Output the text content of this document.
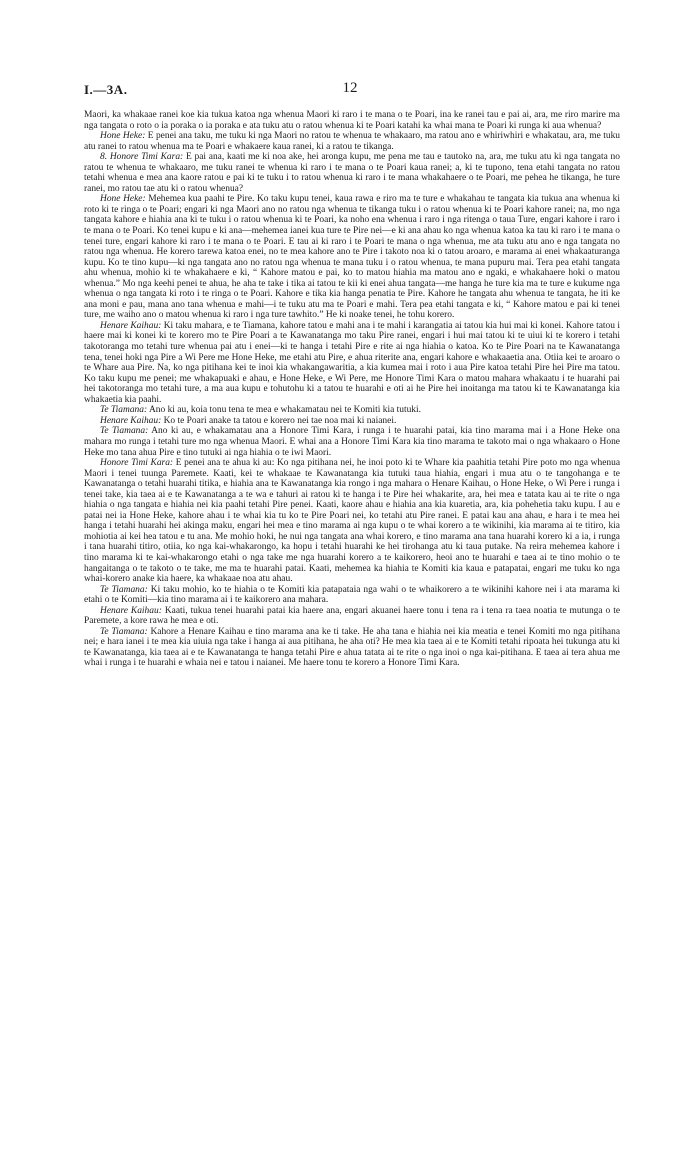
I.—3A.	12

Maori, ka whakaae ranei koe kia tukua katoa nga whenua Maori ki raro i te mana o te Poari, ina ke ranei tau e pai ai, ara, me riro marire ma nga tangata o roto o ia poraka o ia poraka e ata tuku atu o ratou whenua ki te Poari katahi ka whai mana te Poari ki runga ki aua whenua?

Hone Heke: E penei ana taku, me tuku ki nga Maori no ratou te whenua te whakaaro, ma ratou ano e whiriwhiri e whakatau, ara, me tuku atu ranei to ratou whenua ma te Poari e whakaere kaua ranei, ki a ratou te tikanga.

8. Honore Timi Kara: E pai ana, kaati me ki noa ake, hei aronga kupu, me pena me tau e tautoko na, ara, me tuku atu ki nga tangata no ratou te whenua te whakaaro, me tuku ranei te whenua ki raro i te mana o te Poari kaua ranei; a, ki te tupono, tena etahi tangata no ratou tetahi whenua e mea ana kaore ratou e pai ki te tuku i to ratou whenua ki raro i te mana whakahaere o te Poari, me pehea he tikanga, he ture ranei, mo ratou tae atu ki o ratou whenua?

Hone Heke: Mehemea kua paahi te Pire. Ko taku kupu tenei, kaua rawa e riro ma te ture e whakahau te tangata kia tukua ana whenua ki roto ki te ringa o te Poari; engari ki nga Maori ano no ratou nga whenua te tikanga tuku i o ratou whenua ki te Poari kahore ranei; na, mo nga tangata kahore e hiahia ana ki te tuku i o ratou whenua ki te Poari, ka noho ena whenua i raro i nga ritenga o taua Ture, engari kahore i raro i te mana o te Poari. Ko tenei kupu e ki ana—mehemea ianei kua ture te Pire nei—e ki ana ahau ko nga whenua katoa ka tau ki raro i te mana o tenei ture, engari kahore ki raro i te mana o te Poari. E tau ai ki raro i te Poari te mana o nga whenua, me ata tuku atu ano e nga tangata no ratou nga whenua. He korero tarewa katoa enei, no te mea kahore ano te Pire i takoto noa ki o tatou aroaro, e marama ai enei whakaaturanga kupu. Ko te tino kupu—ki nga tangata ano no ratou nga whenua te mana tuku i o ratou whenua, te mana pupuru mai. Tera pea etahi tangata ahu whenua, mohio ki te whakahaere e ki, “ Kahore matou e pai, ko to matou hiahia ma matou ano e ngaki, e whakahaere hoki o matou whenua.” Mo nga keehi penei te ahua, he aha te take i tika ai tatou te kii ki enei ahua tangata—me hanga he ture kia ma te ture e kukume nga whenua o nga tangata ki roto i te ringa o te Poari. Kahore e tika kia hanga penatia te Pire. Kahore he tangata ahu whenua te tangata, he iti ke ana moni e pau, mana ano tana whenua e mahi—i te tuku atu ma te Poari e mahi. Tera pea etahi tangata e ki, “ Kahore matou e pai ki tenei ture, me waiho ano o matou whenua ki raro i nga ture tawhito.” He ki noake tenei, he tohu korero.

Henare Kaihau: Ki taku mahara, e te Tiamana, kahore tatou e mahi ana i te mahi i karangatia ai tatou kia hui mai ki konei. Kahore tatou i haere mai ki konei ki te korero mo te Pire Poari a te Kawanatanga mo taku Pire ranei, engari i hui mai tatou ki te uiui ki te korero i tetahi takotoranga mo tetahi ture whenua pai atu i enei—ki te hanga i tetahi Pire e rite ai nga hiahia o katoa. Ko te Pire Poari na te Kawanatanga tena, tenei hoki nga Pire a Wi Pere me Hone Heke, me etahi atu Pire, e ahua riterite ana, engari kahore e whakaaetia ana. Otiia kei te aroaro o te Whare aua Pire. Na, ko nga pitihana kei te inoi kia whakangawaritia, a kia kumea mai i roto i aua Pire katoa tetahi Pire hei Pire ma tatou. Ko taku kupu me penei; me whakapuaki e ahau, e Hone Heke, e Wi Pere, me Honore Timi Kara o matou mahara whakaatu i te huarahi pai hei takotoranga mo tetahi ture, a ma aua kupu e tohutohu ki a tatou te huarahi e oti ai he Pire hei inoitanga ma tatou ki te Kawanatanga kia whakaetia kia paahi.

Te Tiamana: Ano ki au, koia tonu tena te mea e whakamatau nei te Komiti kia tutuki.

Henare Kaihau: Ko te Poari anake ta tatou e korero nei tae noa mai ki naianei.

Te Tiamana: Ano ki au, e whakamatau ana a Honore Timi Kara, i runga i te huarahi patai, kia tino marama mai i a Hone Heke ona mahara mo runga i tetahi ture mo nga whenua Maori. E whai ana a Honore Timi Kara kia tino marama te takoto mai o nga whakaaro o Hone Heke mo tana ahua Pire e tino tutuki ai nga hiahia o te iwi Maori.

Honore Timi Kara: E penei ana te ahua ki au: Ko nga pitihana nei, he inoi poto ki te Whare kia paahitia tetahi Pire poto mo nga whenua Maori i tenei tuunga Paremete. Kaati, kei te whakaae te Kawanatanga kia tutuki taua hiahia, engari i mua atu o te tangohanga e te Kawanatanga o tetahi huarahi titika, e hiahia ana te Kawanatanga kia rongo i nga mahara o Henare Kaihau, o Hone Heke, o Wi Pere i runga i tenei take, kia taea ai e te Kawanatanga a te wa e tahuri ai ratou ki te hanga i te Pire hei whakarite, ara, hei mea e tatata kau ai te rite o nga hiahia o nga tangata e hiahia nei kia paahi tetahi Pire penei. Kaati, kaore ahau e hiahia ana kia kuaretia, ara, kia pohehetia taku kupu. I au e patai nei ia Hone Heke, kahore ahau i te whai kia tu ko te Pire Poari nei, ko tetahi atu Pire ranei. E patai kau ana ahau, e hara i te mea hei hanga i tetahi huarahi hei akinga maku, engari hei mea e tino marama ai nga kupu o te whai korero a te wikinihi, kia marama ai te titiro, kia mohiotia ai kei hea tatou e tu ana. Me mohio hoki, he nui nga tangata ana whai korero, e tino marama ana tana huarahi korero ki a ia, i runga i tana huarahi titiro, otiia, ko nga kai-whakarongo, ka hopu i tetahi huarahi ke hei tirohanga atu ki taua putake. Na reira mehemea kahore i tino marama ki te kai-whakarongo etahi o nga take me nga huarahi korero a te kaikorero, heoi ano te huarahi e taea ai te tino mohio o te hangaitanga o te takoto o te take, me ma te huarahi patai. Kaati, mehemea ka hiahia te Komiti kia kaua e patapatai, engari me tuku ko nga whai-korero anake kia haere, ka whakaae noa atu ahau.

Te Tiamana: Ki taku mohio, ko te hiahia o te Komiti kia patapataia nga wahi o te whaikorero a te wikinihi kahore nei i ata marama ki etahi o te Komiti—kia tino marama ai i te kaikorero ana mahara.

Henare Kaihau: Kaati, tukua tenei huarahi patai kia haere ana, engari akuanei haere tonu i tena ra i tena ra taea noatia te mutunga o te Paremete, a kore rawa he mea e oti.

Te Tiamana: Kahore a Henare Kaihau e tino marama ana ke ti take. He aha tana e hiahia nei kia meatia e tenei Komiti mo nga pitihana nei; e hara ianei i te mea kia uiuia nga take i hanga ai aua pitihana, he aha oti? He mea kia taea ai e te Komiti tetahi ripoata hei tukunga atu ki te Kawanatanga, kia taea ai e te Kawanatanga te hanga tetahi Pire e ahua tatata ai te rite o nga inoi o nga kai-pitihana. E taea ai tera ahua me whai i runga i te huarahi e whaia nei e tatou i naianei. Me haere tonu te korero a Honore Timi Kara.
